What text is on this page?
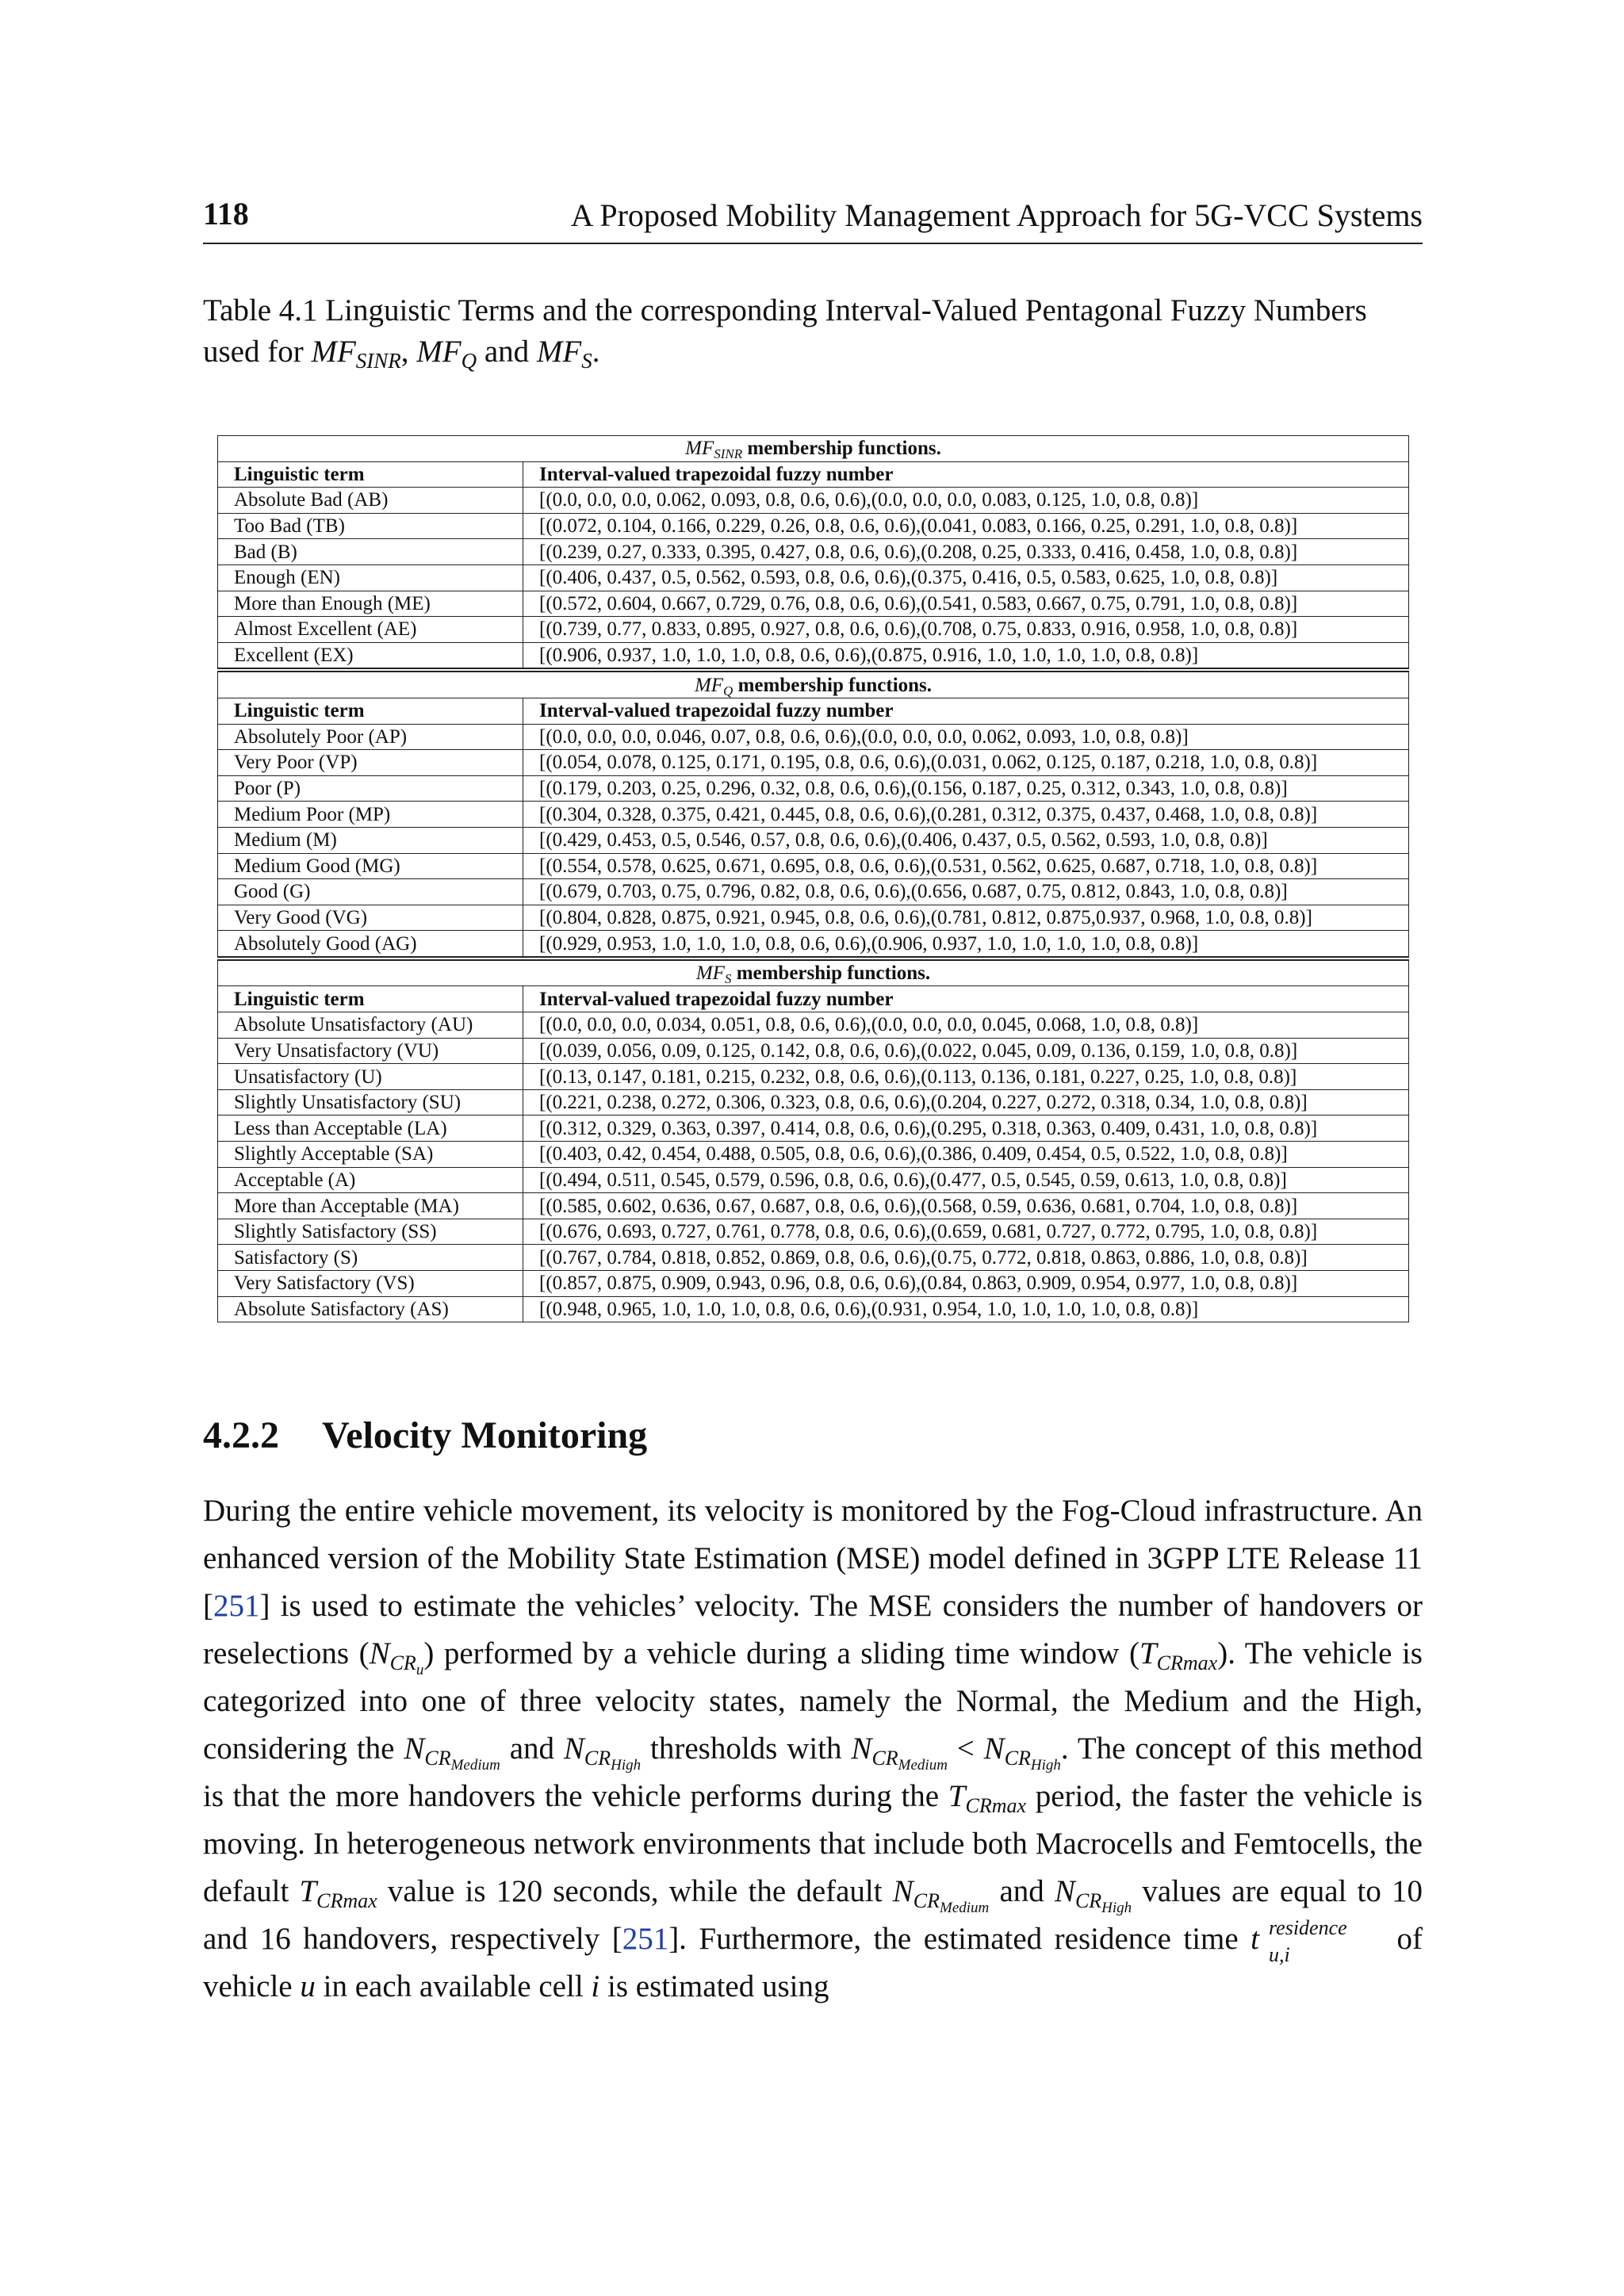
118	A Proposed Mobility Management Approach for 5G-VCC Systems
Table 4.1 Linguistic Terms and the corresponding Interval-Valued Pentagonal Fuzzy Numbers used for $MF_{SINR}$, $MF_Q$ and $MF_S$.
$MF_{SINR}$ membership functions.	
Linguistic term	Interval-valued trapezoidal fuzzy number
Absolute Bad (AB)	[(0.0, 0.0, 0.0, 0.062, 0.093, 0.8, 0.6, 0.6),(0.0, 0.0, 0.0, 0.083, 0.125, 1.0, 0.8, 0.8)]
Too Bad (TB)	[(0.072, 0.104, 0.166, 0.229, 0.26, 0.8, 0.6, 0.6),(0.041, 0.083, 0.166, 0.25, 0.291, 1.0, 0.8, 0.8)]
Bad (B)	[(0.239, 0.27, 0.333, 0.395, 0.427, 0.8, 0.6, 0.6),(0.208, 0.25, 0.333, 0.416, 0.458, 1.0, 0.8, 0.8)]
Enough (EN)	[(0.406, 0.437, 0.5, 0.562, 0.593, 0.8, 0.6, 0.6),(0.375, 0.416, 0.5, 0.583, 0.625, 1.0, 0.8, 0.8)]
More than Enough (ME)	[(0.572, 0.604, 0.667, 0.729, 0.76, 0.8, 0.6, 0.6),(0.541, 0.583, 0.667, 0.75, 0.791, 1.0, 0.8, 0.8)]
Almost Excellent (AE)	[(0.739, 0.77, 0.833, 0.895, 0.927, 0.8, 0.6, 0.6),(0.708, 0.75, 0.833, 0.916, 0.958, 1.0, 0.8, 0.8)]
Excellent (EX)	[(0.906, 0.937, 1.0, 1.0, 1.0, 0.8, 0.6, 0.6),(0.875, 0.916, 1.0, 1.0, 1.0, 1.0, 0.8, 0.8)]
$MF_Q$ membership functions.	
Linguistic term	Interval-valued trapezoidal fuzzy number
Absolutely Poor (AP)	[(0.0, 0.0, 0.0, 0.046, 0.07, 0.8, 0.6, 0.6),(0.0, 0.0, 0.0, 0.062, 0.093, 1.0, 0.8, 0.8)]
Very Poor (VP)	[(0.054, 0.078, 0.125, 0.171, 0.195, 0.8, 0.6, 0.6),(0.031, 0.062, 0.125, 0.187, 0.218, 1.0, 0.8, 0.8)]
Poor (P)	[(0.179, 0.203, 0.25, 0.296, 0.32, 0.8, 0.6, 0.6),(0.156, 0.187, 0.25, 0.312, 0.343, 1.0, 0.8, 0.8)]
Medium Poor (MP)	[(0.304, 0.328, 0.375, 0.421, 0.445, 0.8, 0.6, 0.6),(0.281, 0.312, 0.375, 0.437, 0.468, 1.0, 0.8, 0.8)]
Medium (M)	[(0.429, 0.453, 0.5, 0.546, 0.57, 0.8, 0.6, 0.6),(0.406, 0.437, 0.5, 0.562, 0.593, 1.0, 0.8, 0.8)]
Medium Good (MG)	[(0.554, 0.578, 0.625, 0.671, 0.695, 0.8, 0.6, 0.6),(0.531, 0.562, 0.625, 0.687, 0.718, 1.0, 0.8, 0.8)]
Good (G)	[(0.679, 0.703, 0.75, 0.796, 0.82, 0.8, 0.6, 0.6),(0.656, 0.687, 0.75, 0.812, 0.843, 1.0, 0.8, 0.8)]
Very Good (VG)	[(0.804, 0.828, 0.875, 0.921, 0.945, 0.8, 0.6, 0.6),(0.781, 0.812, 0.875,0.937, 0.968, 1.0, 0.8, 0.8)]
Absolutely Good (AG)	[(0.929, 0.953, 1.0, 1.0, 1.0, 0.8, 0.6, 0.6),(0.906, 0.937, 1.0, 1.0, 1.0, 1.0, 0.8, 0.8)]
$MF_S$ membership functions.	
Linguistic term	Interval-valued trapezoidal fuzzy number
Absolute Unsatisfactory (AU)	[(0.0, 0.0, 0.0, 0.034, 0.051, 0.8, 0.6, 0.6),(0.0, 0.0, 0.0, 0.045, 0.068, 1.0, 0.8, 0.8)]
Very Unsatisfactory (VU)	[(0.039, 0.056, 0.09, 0.125, 0.142, 0.8, 0.6, 0.6),(0.022, 0.045, 0.09, 0.136, 0.159, 1.0, 0.8, 0.8)]
Unsatisfactory (U)	[(0.13, 0.147, 0.181, 0.215, 0.232, 0.8, 0.6, 0.6),(0.113, 0.136, 0.181, 0.227, 0.25, 1.0, 0.8, 0.8)]
Slightly Unsatisfactory (SU)	[(0.221, 0.238, 0.272, 0.306, 0.323, 0.8, 0.6, 0.6),(0.204, 0.227, 0.272, 0.318, 0.34, 1.0, 0.8, 0.8)]
Less than Acceptable (LA)	[(0.312, 0.329, 0.363, 0.397, 0.414, 0.8, 0.6, 0.6),(0.295, 0.318, 0.363, 0.409, 0.431, 1.0, 0.8, 0.8)]
Slightly Acceptable (SA)	[(0.403, 0.42, 0.454, 0.488, 0.505, 0.8, 0.6, 0.6),(0.386, 0.409, 0.454, 0.5, 0.522, 1.0, 0.8, 0.8)]
Acceptable (A)	[(0.494, 0.511, 0.545, 0.579, 0.596, 0.8, 0.6, 0.6),(0.477, 0.5, 0.545, 0.59, 0.613, 1.0, 0.8, 0.8)]
More than Acceptable (MA)	[(0.585, 0.602, 0.636, 0.67, 0.687, 0.8, 0.6, 0.6),(0.568, 0.59, 0.636, 0.681, 0.704, 1.0, 0.8, 0.8)]
Slightly Satisfactory (SS)	[(0.676, 0.693, 0.727, 0.761, 0.778, 0.8, 0.6, 0.6),(0.659, 0.681, 0.727, 0.772, 0.795, 1.0, 0.8, 0.8)]
Satisfactory (S)	[(0.767, 0.784, 0.818, 0.852, 0.869, 0.8, 0.6, 0.6),(0.75, 0.772, 0.818, 0.863, 0.886, 1.0, 0.8, 0.8)]
Very Satisfactory (VS)	[(0.857, 0.875, 0.909, 0.943, 0.96, 0.8, 0.6, 0.6),(0.84, 0.863, 0.909, 0.954, 0.977, 1.0, 0.8, 0.8)]
Absolute Satisfactory (AS)	[(0.948, 0.965, 1.0, 1.0, 1.0, 0.8, 0.6, 0.6),(0.931, 0.954, 1.0, 1.0, 1.0, 1.0, 0.8, 0.8)]
4.2.2 Velocity Monitoring

During the entire vehicle movement, its velocity is monitored by the Fog-Cloud infrastructure. An enhanced version of the Mobility State Estimation (MSE) model defined in 3GPP LTE Release 11 [251] is used to estimate the vehicles’ velocity. The MSE considers the number of handovers or reselections $(N_{CR_u})$ performed by a vehicle during a sliding time window $(T_{CRmax})$. The vehicle is categorized into one of three velocity states, namely the Normal, the Medium and the High, considering the $N_{CR_{Medium}}$ and $N_{CR_{High}}$ thresholds with $N_{CR_{Medium}} < N_{CR_{High}}$. The concept of this method is that the more handovers the vehicle performs during the $T_{CRmax}$ period, the faster the vehicle is moving. In heterogeneous network environments that include both Macrocells and Femtocells, the default $T_{CRmax}$ value is 120 seconds, while the default $N_{CR_{Medium}}$ and $N_{CR_{High}}$ values are equal to 10 and 16 handovers, respectively [251]. Furthermore, the estimated residence time t residence
u,i	of vehicle u in each available cell i is estimated using
